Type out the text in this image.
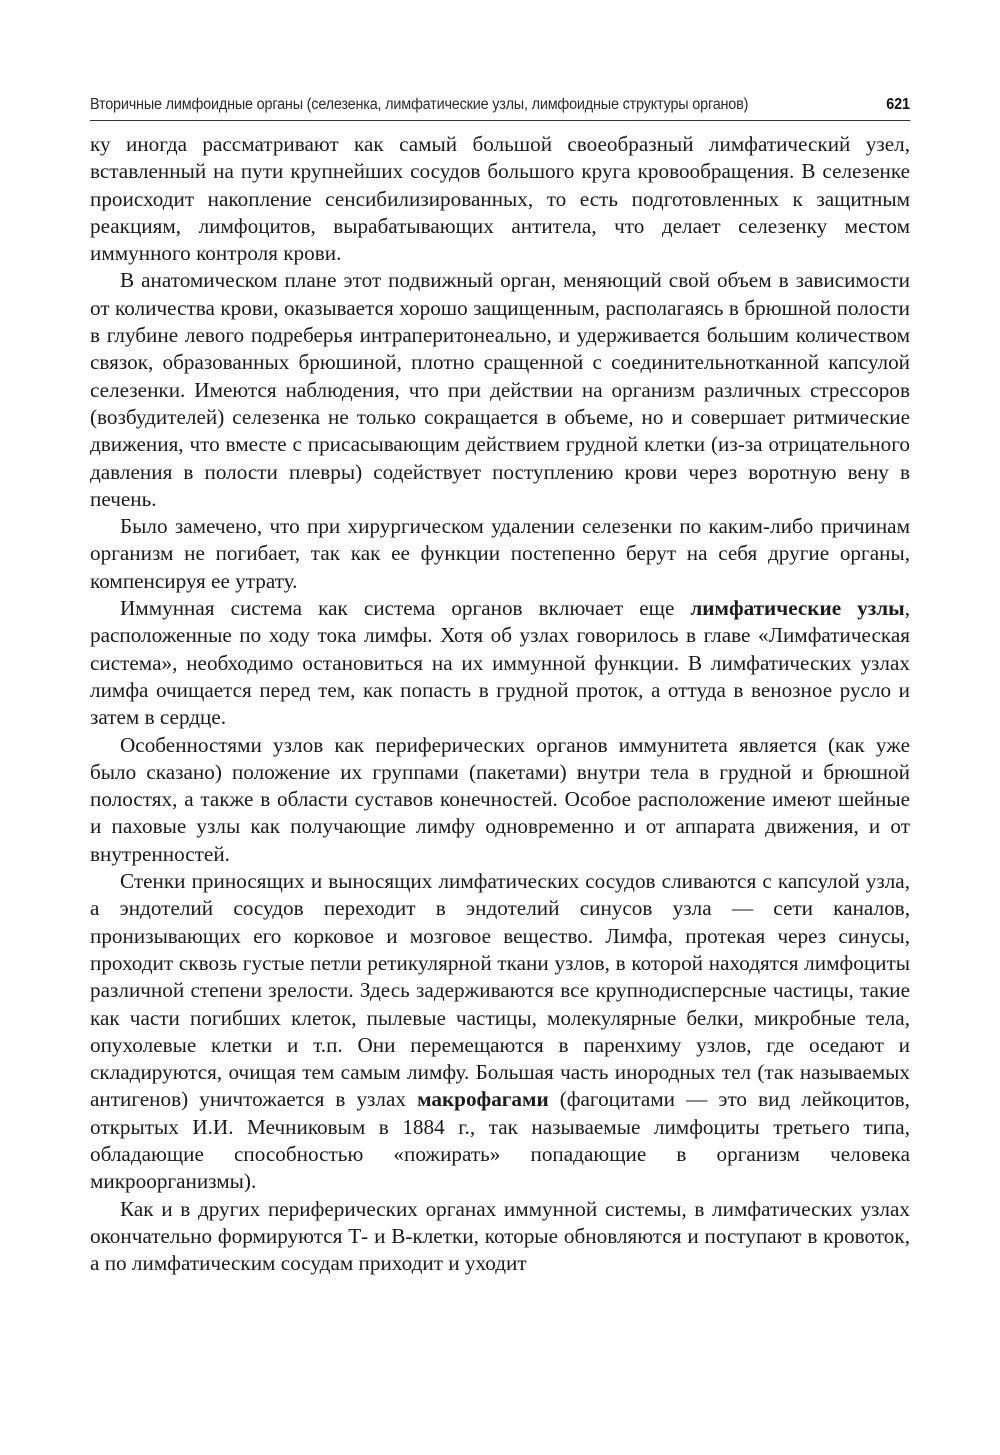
Вторичные лимфоидные органы (селезенка, лимфатические узлы, лимфоидные структуры органов)	621

ку иногда рассматривают как самый большой своеобразный лимфатический узел, вставленный на пути крупнейших сосудов большого круга кровообращения. В селезенке происходит накопление сенсибилизированных, то есть подготовленных к защитным реакциям, лимфоцитов, вырабатывающих антитела, что делает селезенку местом иммунного контроля крови.

В анатомическом плане этот подвижный орган, меняющий свой объем в зависимости от количества крови, оказывается хорошо защищенным, располагаясь в брюшной полости в глубине левого подреберья интраперитонеально, и удерживается большим количеством связок, образованных брюшиной, плотно сращенной с соединительнотканной капсулой селезенки. Имеются наблюдения, что при действии на организм различных стрессоров (возбудителей) селезенка не только сокращается в объеме, но и совершает ритмические движения, что вместе с присасывающим действием грудной клетки (из-за отрицательного давления в полости плевры) содействует поступлению крови через воротную вену в печень.

Было замечено, что при хирургическом удалении селезенки по каким-либо причинам организм не погибает, так как ее функции постепенно берут на себя другие органы, компенсируя ее утрату.

Иммунная система как система органов включает еще лимфатические узлы, расположенные по ходу тока лимфы. Хотя об узлах говорилось в главе «Лимфатическая система», необходимо остановиться на их иммунной функции. В лимфатических узлах лимфа очищается перед тем, как попасть в грудной проток, а оттуда в венозное русло и затем в сердце.

Особенностями узлов как периферических органов иммунитета является (как уже было сказано) положение их группами (пакетами) внутри тела в грудной и брюшной полостях, а также в области суставов конечностей. Особое расположение имеют шейные и паховые узлы как получающие лимфу одновременно и от аппарата движения, и от внутренностей.

Стенки приносящих и выносящих лимфатических сосудов сливаются с капсулой узла, а эндотелий сосудов переходит в эндотелий синусов узла — сети каналов, пронизывающих его корковое и мозговое вещество. Лимфа, протекая через синусы, проходит сквозь густые петли ретикулярной ткани узлов, в которой находятся лимфоциты различной степени зрелости. Здесь задерживаются все крупнодисперсные частицы, такие как части погибших клеток, пылевые частицы, молекулярные белки, микробные тела, опухолевые клетки и т.п. Они перемещаются в паренхиму узлов, где оседают и складируются, очищая тем самым лимфу. Большая часть инородных тел (так называемых антигенов) уничтожается в узлах макрофагами (фагоцитами — это вид лейкоцитов, открытых И.И. Мечниковым в 1884 г., так называемые лимфоциты третьего типа, обладающие способностью «пожирать» попадающие в организм человека микроорганизмы).

Как и в других периферических органах иммунной системы, в лимфатических узлах окончательно формируются Т- и В-клетки, которые обновляются и поступают в кровоток, а по лимфатическим сосудам приходит и уходит
